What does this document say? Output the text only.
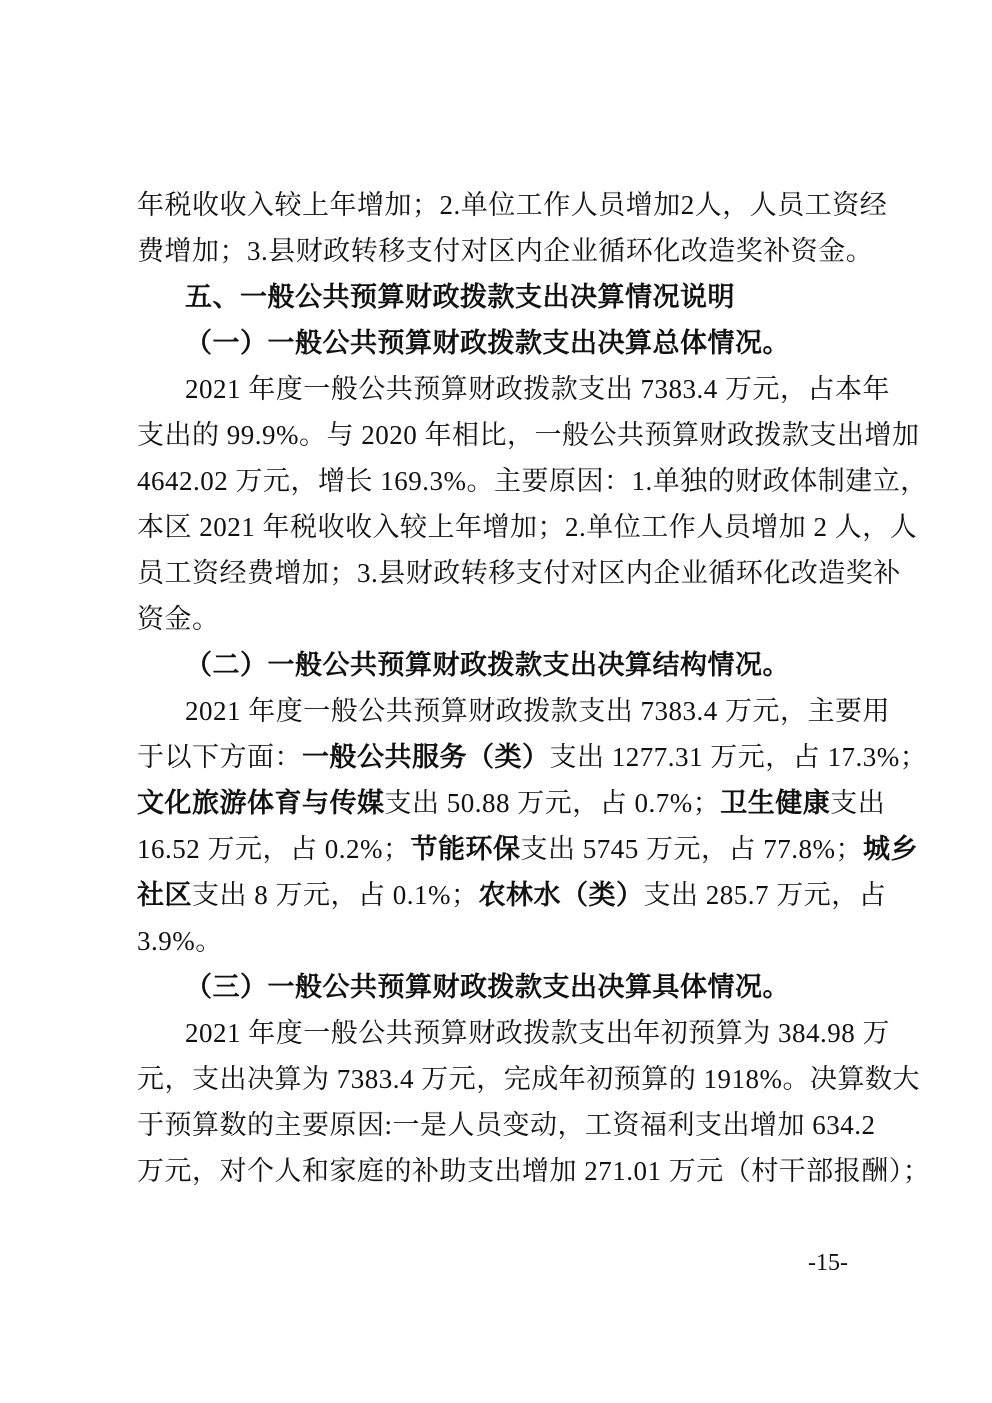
年税收收入较上年增加；2.单位工作人员增加2人，人员工资经
费增加；3.县财政转移支付对区内企业循环化改造奖补资金。
五、一般公共预算财政拨款支出决算情况说明
（一）一般公共预算财政拨款支出决算总体情况。
2021 年度一般公共预算财政拨款支出 7383.4 万元，占本年
支出的 99.9%。与 2020 年相比，一般公共预算财政拨款支出增加
4642.02 万元，增长 169.3%。主要原因：1.单独的财政体制建立，
本区 2021 年税收收入较上年增加；2.单位工作人员增加 2 人，人
员工资经费增加；3.县财政转移支付对区内企业循环化改造奖补
资金。
（二）一般公共预算财政拨款支出决算结构情况。
2021 年度一般公共预算财政拨款支出 7383.4 万元，主要用
于以下方面：一般公共服务（类）支出 1277.31 万元，占 17.3%；
文化旅游体育与传媒支出 50.88 万元，占 0.7%；卫生健康支出
16.52 万元，占 0.2%；节能环保支出 5745 万元，占 77.8%；城乡
社区支出 8 万元，占 0.1%；农林水（类）支出 285.7 万元，占
3.9%。
（三）一般公共预算财政拨款支出决算具体情况。
2021 年度一般公共预算财政拨款支出年初预算为 384.98 万
元，支出决算为 7383.4 万元，完成年初预算的 1918%。决算数大
于预算数的主要原因:一是人员变动，工资福利支出增加 634.2
万元，对个人和家庭的补助支出增加 271.01 万元（村干部报酬）；
-15-
